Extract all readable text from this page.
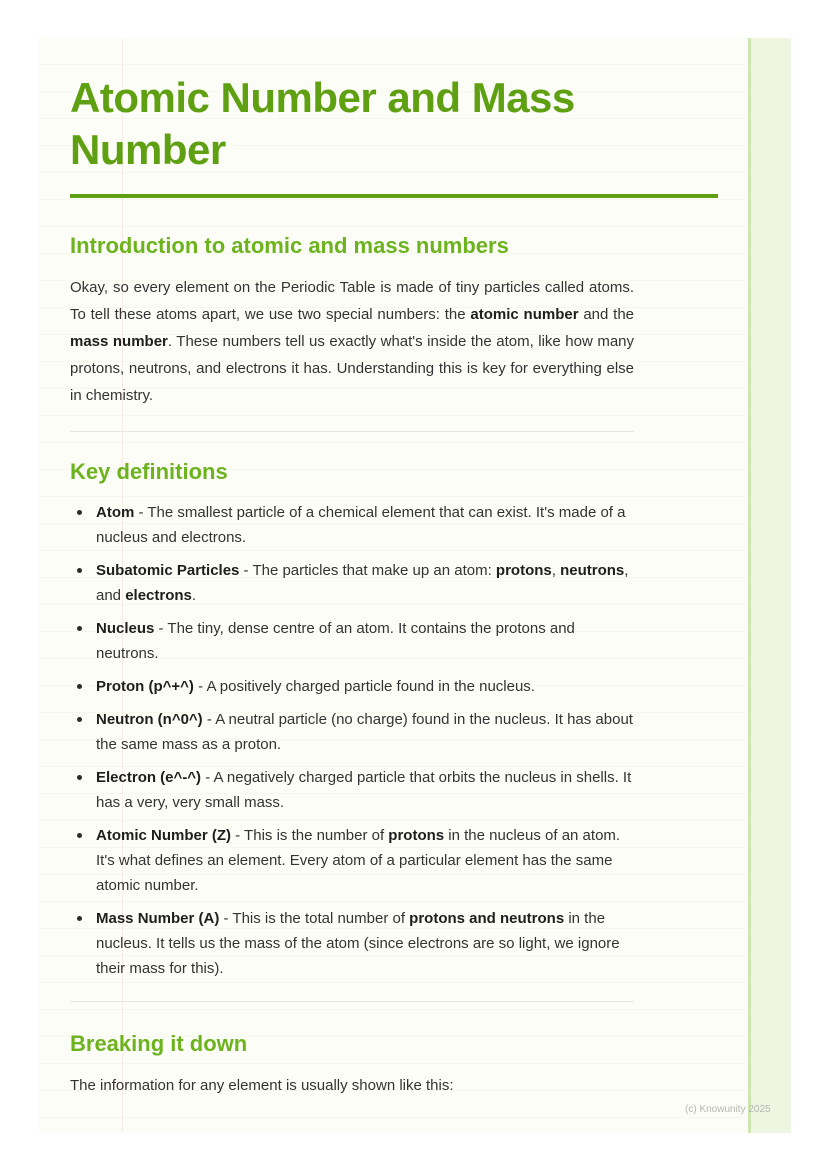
Atomic Number and Mass Number
Introduction to atomic and mass numbers

Okay, so every element on the Periodic Table is made of tiny particles called atoms. To tell these atoms apart, we use two special numbers: the atomic number and the mass number. These numbers tell us exactly what's inside the atom, like how many protons, neutrons, and electrons it has. Understanding this is key for everything else in chemistry.

Key definitions
Atom - The smallest particle of a chemical element that can exist. It's made of a nucleus and electrons.
Subatomic Particles - The particles that make up an atom: protons, neutrons, and electrons.
Nucleus - The tiny, dense centre of an atom. It contains the protons and neutrons.
Proton (p^+^) - A positively charged particle found in the nucleus.
Neutron (n^0^) - A neutral particle (no charge) found in the nucleus. It has about the same mass as a proton.
Electron (e^-^) - A negatively charged particle that orbits the nucleus in shells. It has a very, very small mass.
Atomic Number (Z) - This is the number of protons in the nucleus of an atom. It's what defines an element. Every atom of a particular element has the same atomic number.
Mass Number (A) - This is the total number of protons and neutrons in the nucleus. It tells us the mass of the atom (since electrons are so light, we ignore their mass for this).
Breaking it down

The information for any element is usually shown like this:

(c) Knowunity 2025
